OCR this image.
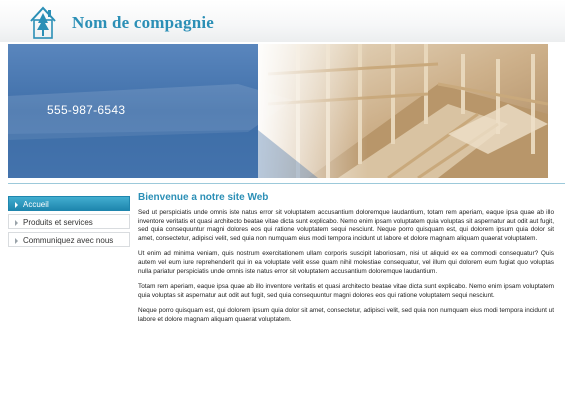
Nom de compagnie
555-987-6543
Accueil
Produits et services
Communiquez avec nous
Bienvenue a notre site Web

Sed ut perspiciatis unde omnis iste natus error sit voluptatem accusantium doloremque laudantium, totam rem aperiam, eaque ipsa quae ab illo inventore veritatis et quasi architecto beatae vitae dicta sunt explicabo. Nemo enim ipsam voluptatem quia voluptas sit aspernatur aut odit aut fugit, sed quia consequuntur magni dolores eos qui ratione voluptatem sequi nesciunt. Neque porro quisquam est, qui dolorem ipsum quia dolor sit amet, consectetur, adipisci velit, sed quia non numquam eius modi tempora incidunt ut labore et dolore magnam aliquam quaerat voluptatem.

Ut enim ad minima veniam, quis nostrum exercitationem ullam corporis suscipit laboriosam, nisi ut aliquid ex ea commodi consequatur? Quis autem vel eum iure reprehenderit qui in ea voluptate velit esse quam nihil molestiae consequatur, vel illum qui dolorem eum fugiat quo voluptas nulla pariatur perspiciatis unde omnis iste natus error sit voluptatem accusantium doloremque laudantium.

Totam rem aperiam, eaque ipsa quae ab illo inventore veritatis et quasi architecto beatae vitae dicta sunt explicabo. Nemo enim ipsam voluptatem quia voluptas sit aspernatur aut odit aut fugit, sed quia consequuntur magni dolores eos qui ratione voluptatem sequi nesciunt.

Neque porro quisquam est, qui dolorem ipsum quia dolor sit amet, consectetur, adipisci velit, sed quia non numquam eius modi tempora incidunt ut labore et dolore magnam aliquam quaerat voluptatem.
